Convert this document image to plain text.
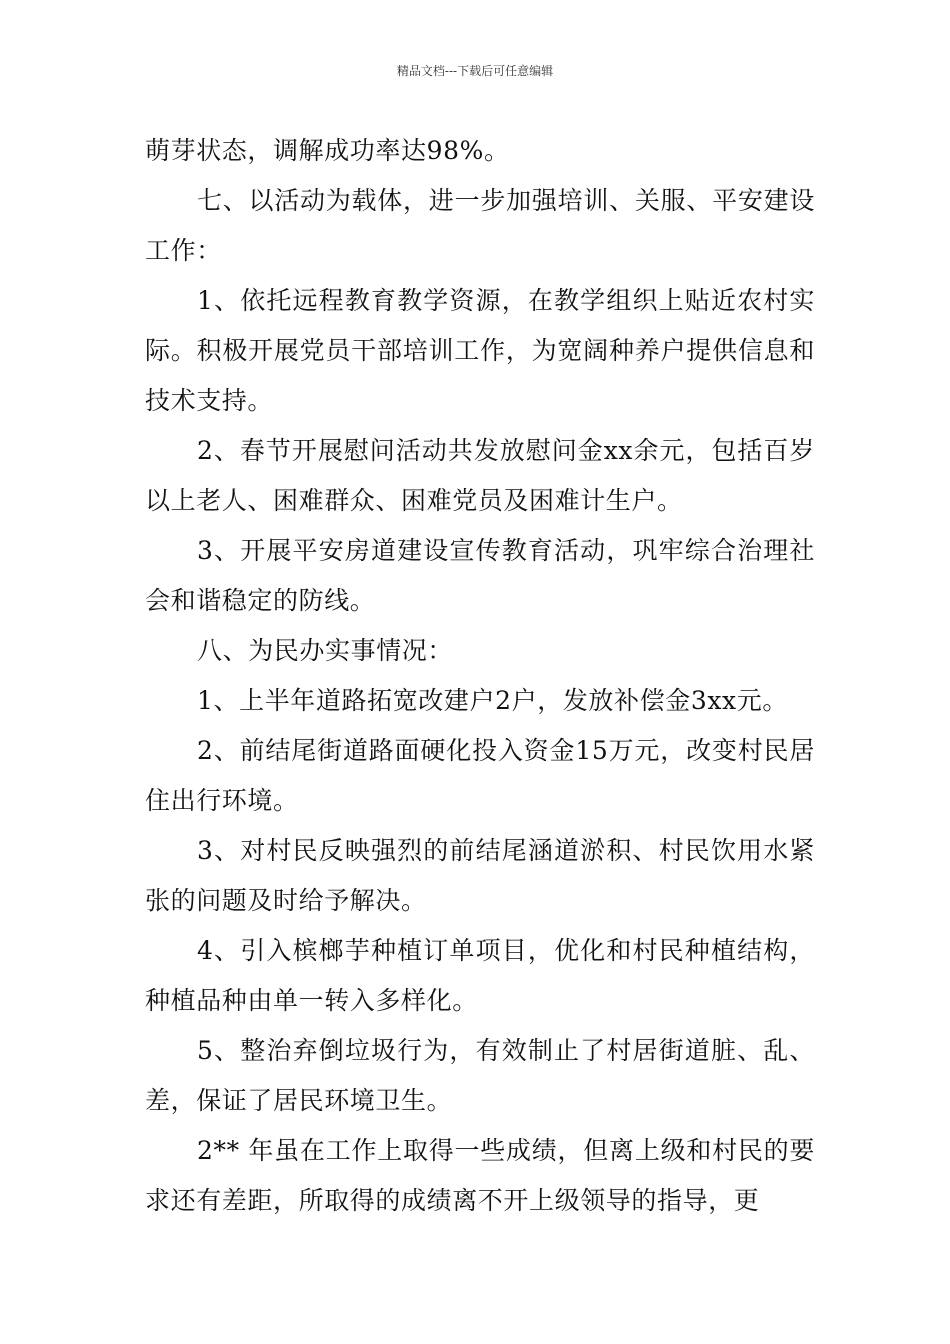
精品文档---下载后可任意编辑

萌芽状态，调解成功率达98%。

七、以活动为载体，进一步加强培训、关服、平安建设工作：

1、依托远程教育教学资源，在教学组织上贴近农村实际。积极开展党员干部培训工作，为宽阔种养户提供信息和技术支持。

2、春节开展慰问活动共发放慰问金xx余元，包括百岁以上老人、困难群众、困难党员及困难计生户。

3、开展平安房道建设宣传教育活动，巩牢综合治理社会和谐稳定的防线。

八、为民办实事情况：

1、上半年道路拓宽改建户2户，发放补偿金3xx元。

2、前结尾街道路面硬化投入资金15万元，改变村民居住出行环境。

3、对村民反映强烈的前结尾涵道淤积、村民饮用水紧张的问题及时给予解决。

4、引入槟榔芋种植订单项目，优化和村民种植结构，种植品种由单一转入多样化。

5、整治弃倒垃圾行为，有效制止了村居街道脏、乱、差，保证了居民环境卫生。

2** 年虽在工作上取得一些成绩，但离上级和村民的要求还有差距，所取得的成绩离不开上级领导的指导，更
